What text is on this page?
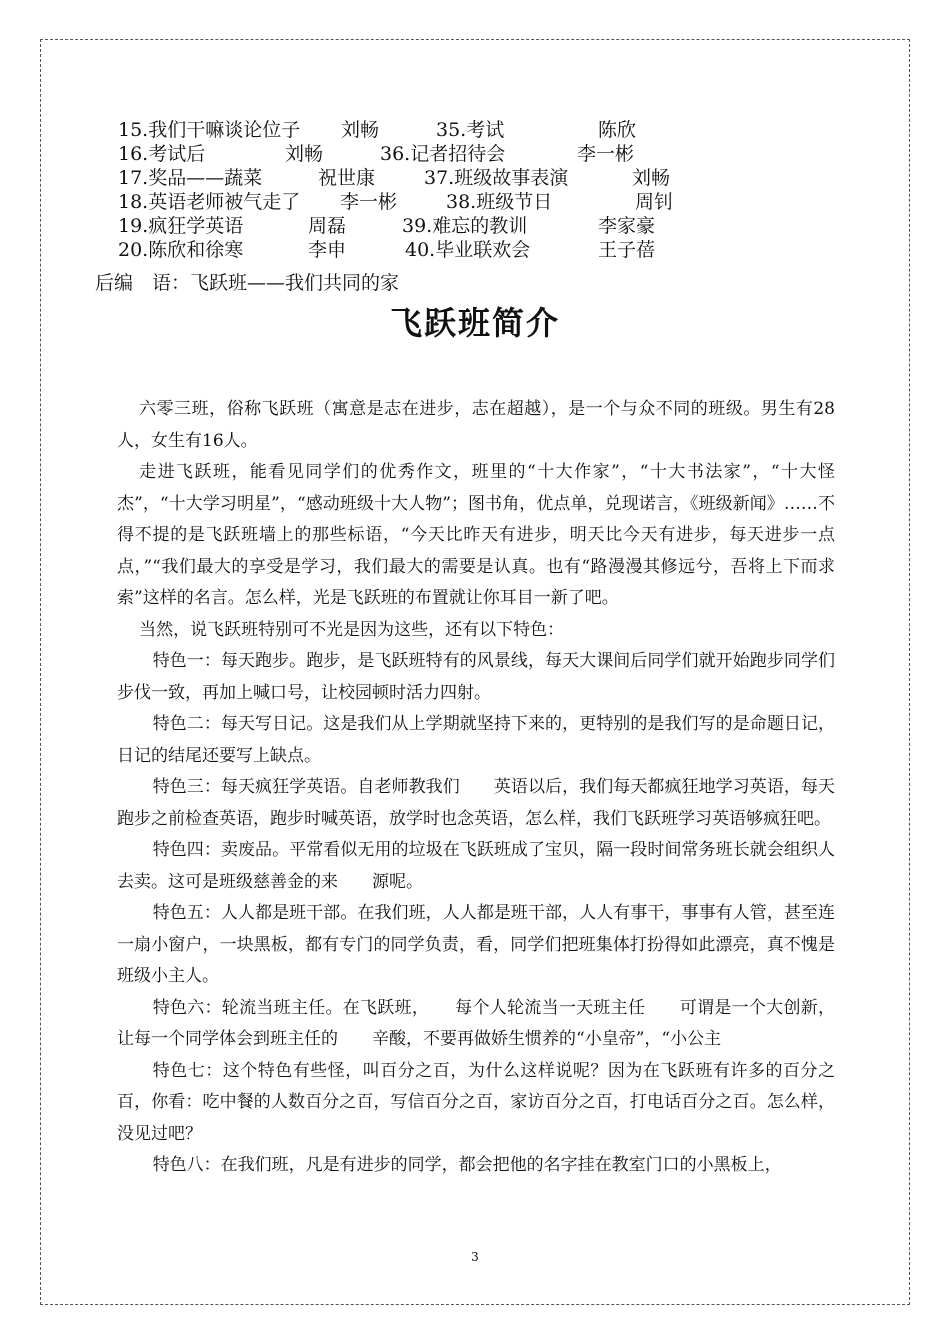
15.我们干嘛谈论位子 刘畅	35.考试	陈欣
16.考试后	刘畅	36.记者招待会	李一彬
17.奖品——蔬菜	祝世康	37.班级故事表演	刘畅
18.英语老师被气走了 李一彬	38.班级节日	周钊
19.疯狂学英语	周磊	39.难忘的教训	李家豪
20.陈欣和徐寒	李申	40.毕业联欢会	王子蓓
后编　语：飞跃班——我们共同的家
飞跃班简介

六零三班，俗称飞跃班（寓意是志在进步，志在超越），是一个与众不同的班级。男生有28人，女生有16人。

走进飞跃班，能看见同学们的优秀作文，班里的“十大作家”，“十大书法家”，“十大怪杰”，“十大学习明星”，“感动班级十大人物”；图书角，优点单，兑现诺言，《班级新闻》……不得不提的是飞跃班墙上的那些标语，“今天比昨天有进步，明天比今天有进步，每天进步一点点，”“我们最大的享受是学习，我们最大的需要是认真。也有“路漫漫其修远兮，吾将上下而求索”这样的名言。怎么样，光是飞跃班的布置就让你耳目一新了吧。

当然，说飞跃班特别可不光是因为这些，还有以下特色：

特色一：每天跑步。跑步，是飞跃班特有的风景线，每天大课间后同学们就开始跑步同学们步伐一致，再加上喊口号，让校园顿时活力四射。

特色二：每天写日记。这是我们从上学期就坚持下来的，更特别的是我们写的是命题日记，日记的结尾还要写上缺点。

特色三：每天疯狂学英语。自老师教我们　　英语以后，我们每天都疯狂地学习英语，每天跑步之前检查英语，跑步时喊英语，放学时也念英语，怎么样，我们飞跃班学习英语够疯狂吧。

特色四：卖废品。平常看似无用的垃圾在飞跃班成了宝贝，隔一段时间常务班长就会组织人去卖。这可是班级慈善金的来　　源呢。

特色五：人人都是班干部。在我们班，人人都是班干部，人人有事干，事事有人管，甚至连一扇小窗户，一块黑板，都有专门的同学负责，看，同学们把班集体打扮得如此漂亮，真不愧是班级小主人。

特色六：轮流当班主任。在飞跃班，　　每个人轮流当一天班主任　　可谓是一个大创新，让每一个同学体会到班主任的　　辛酸，不要再做娇生惯养的“小皇帝”，“小公主

特色七：这个特色有些怪，叫百分之百，为什么这样说呢？因为在飞跃班有许多的百分之百，你看：吃中餐的人数百分之百，写信百分之百，家访百分之百，打电话百分之百。怎么样，没见过吧？

特色八：在我们班，凡是有进步的同学，都会把他的名字挂在教室门口的小黑板上，

3
